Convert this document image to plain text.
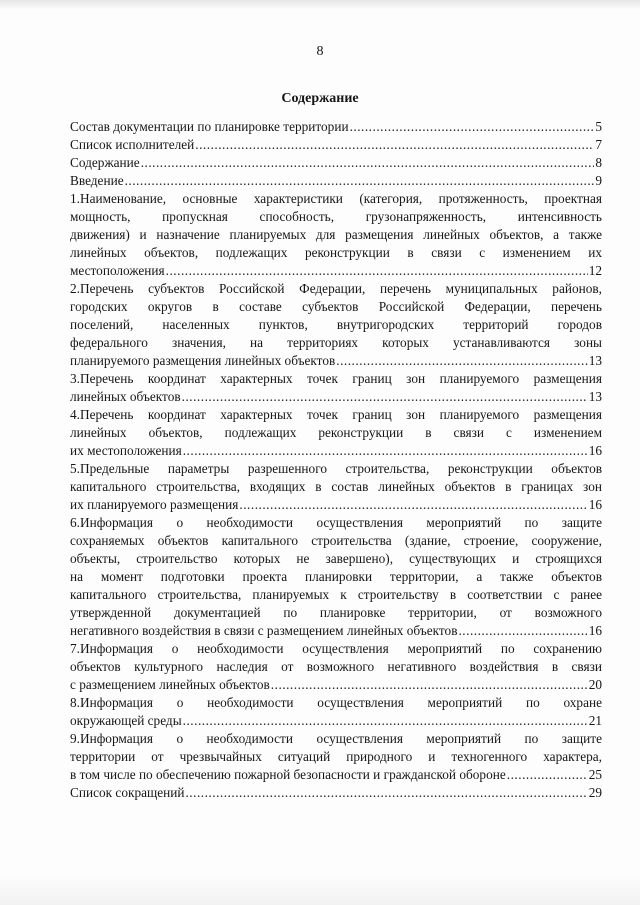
8
Содержание
Состав документации по планировке территории .....	5
Список исполнителей .....	7
Содержание .....	8
Введение .....	9
1.Наименование, основные характеристики (категория, протяженность, проектная
мощность, пропускная способность, грузонапряженность, интенсивность
движения) и назначение планируемых для размещения линейных объектов, а также
линейных объектов, подлежащих реконструкции в связи с изменением их
местоположения .....	12
2.Перечень субъектов Российской Федерации, перечень муниципальных районов,
городских округов в составе субъектов Российской Федерации, перечень
поселений, населенных пунктов, внутригородских территорий городов
федерального значения, на территориях которых устанавливаются зоны
планируемого размещения линейных объектов .....	13
3.Перечень координат характерных точек границ зон планируемого размещения
линейных объектов .....	13
4.Перечень координат характерных точек границ зон планируемого размещения
линейных объектов, подлежащих реконструкции в связи с изменением
их местоположения .....	16
5.Предельные параметры разрешенного строительства, реконструкции объектов
капитального строительства, входящих в состав линейных объектов в границах зон
их планируемого размещения .....	16
6.Информация о необходимости осуществления мероприятий по защите
сохраняемых объектов капитального строительства (здание, строение, сооружение,
объекты, строительство которых не завершено), существующих и строящихся
на момент подготовки проекта планировки территории, а также объектов
капитального строительства, планируемых к строительству в соответствии с ранее
утвержденной документацией по планировке территории, от возможного
негативного воздействия в связи с размещением линейных объектов .....	16
7.Информация о необходимости осуществления мероприятий по сохранению
объектов культурного наследия от возможного негативного воздействия в связи
с размещением линейных объектов .....	20
8.Информация о необходимости осуществления мероприятий по охране
окружающей среды .....	21
9.Информация о необходимости осуществления мероприятий по защите
территории от чрезвычайных ситуаций природного и техногенного характера,
в том числе по обеспечению пожарной безопасности и гражданской обороне .....	25
Список сокращений .....	29
